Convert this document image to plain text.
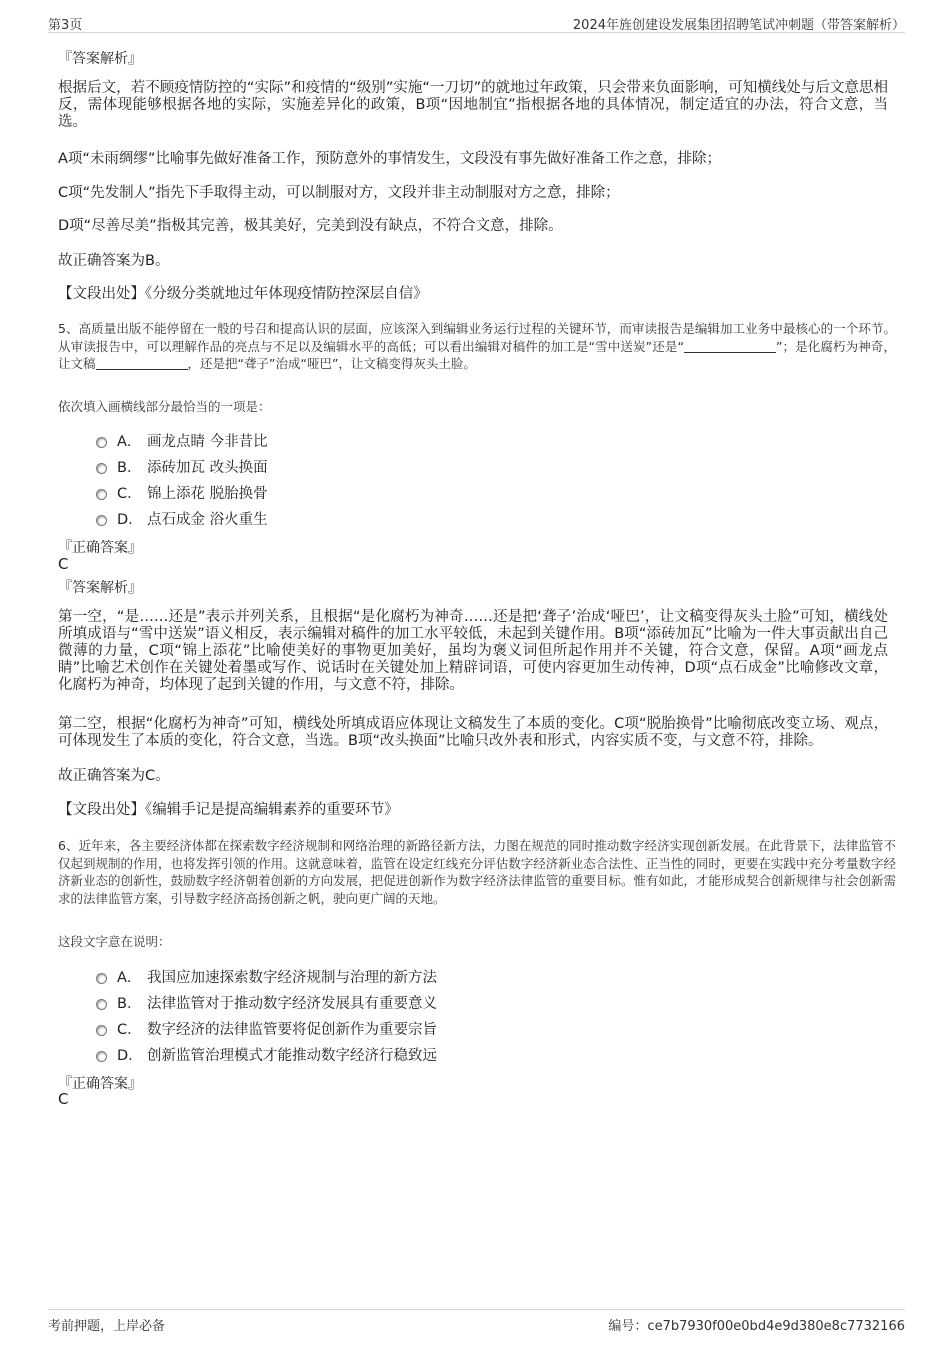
第3页	2024年旌创建设发展集团招聘笔试冲刺题（带答案解析）
『答案解析』
根据后文，若不顾疫情防控的“实际”和疫情的“级别”实施“一刀切”的就地过年政策，只会带来负面影响，可知横线处与后文意思相反，需体现能够根据各地的实际，实施差异化的政策，B项“因地制宜”指根据各地的具体情况，制定适宜的办法，符合文意，当选。
A项“未雨绸缪”比喻事先做好准备工作，预防意外的事情发生，文段没有事先做好准备工作之意，排除；
C项“先发制人”指先下手取得主动，可以制服对方，文段并非主动制服对方之意，排除；
D项“尽善尽美”指极其完善，极其美好，完美到没有缺点，不符合文意，排除。
故正确答案为B。
【文段出处】《分级分类就地过年体现疫情防控深层自信》
5、高质量出版不能停留在一般的号召和提高认识的层面，应该深入到编辑业务运行过程的关键环节，而审读报告是编辑加工业务中最核心的一个环节。从审读报告中，可以理解作品的亮点与不足以及编辑水平的高低；可以看出编辑对稿件的加工是“雪中送炭”还是“	”；是化腐朽为神奇，让文稿	，还是把“聋子”治成“哑巴”，让文稿变得灰头土脸。
依次填入画横线部分最恰当的一项是：
A． 画龙点睛 今非昔比
B． 添砖加瓦 改头换面
C． 锦上添花 脱胎换骨
D． 点石成金 浴火重生
『正确答案』
C
『答案解析』
第一空，“是……还是”表示并列关系，且根据“是化腐朽为神奇……还是把‘聋子’治成‘哑巴’，让文稿变得灰头土脸”可知，横线处所填成语与“雪中送炭”语义相反，表示编辑对稿件的加工水平较低，未起到关键作用。B项“添砖加瓦”比喻为一件大事贡献出自己微薄的力量，C项“锦上添花”比喻使美好的事物更加美好，虽均为褒义词但所起作用并不关键，符合文意，保留。A项“画龙点睛”比喻艺术创作在关键处着墨或写作、说话时在关键处加上精辟词语，可使内容更加生动传神，D项“点石成金”比喻修改文章，化腐朽为神奇，均体现了起到关键的作用，与文意不符，排除。
第二空，根据“化腐朽为神奇”可知，横线处所填成语应体现让文稿发生了本质的变化。C项“脱胎换骨”比喻彻底改变立场、观点，可体现发生了本质的变化，符合文意，当选。B项“改头换面”比喻只改外表和形式，内容实质不变，与文意不符，排除。
故正确答案为C。
【文段出处】《编辑手记是提高编辑素养的重要环节》
6、近年来，各主要经济体都在探索数字经济规制和网络治理的新路径新方法，力图在规范的同时推动数字经济实现创新发展。在此背景下，法律监管不仅起到规制的作用，也将发挥引领的作用。这就意味着，监管在设定红线充分评估数字经济新业态合法性、正当性的同时，更要在实践中充分考量数字经济新业态的创新性，鼓励数字经济朝着创新的方向发展，把促进创新作为数字经济法律监管的重要目标。惟有如此，才能形成契合创新规律与社会创新需求的法律监管方案，引导数字经济高扬创新之帆，驶向更广阔的天地。
这段文字意在说明：
A． 我国应加速探索数字经济规制与治理的新方法
B． 法律监管对于推动数字经济发展具有重要意义
C． 数字经济的法律监管要将促创新作为重要宗旨
D． 创新监管治理模式才能推动数字经济行稳致远
『正确答案』
C
考前押题，上岸必备	编号：ce7b7930f00e0bd4e9d380e8c7732166
